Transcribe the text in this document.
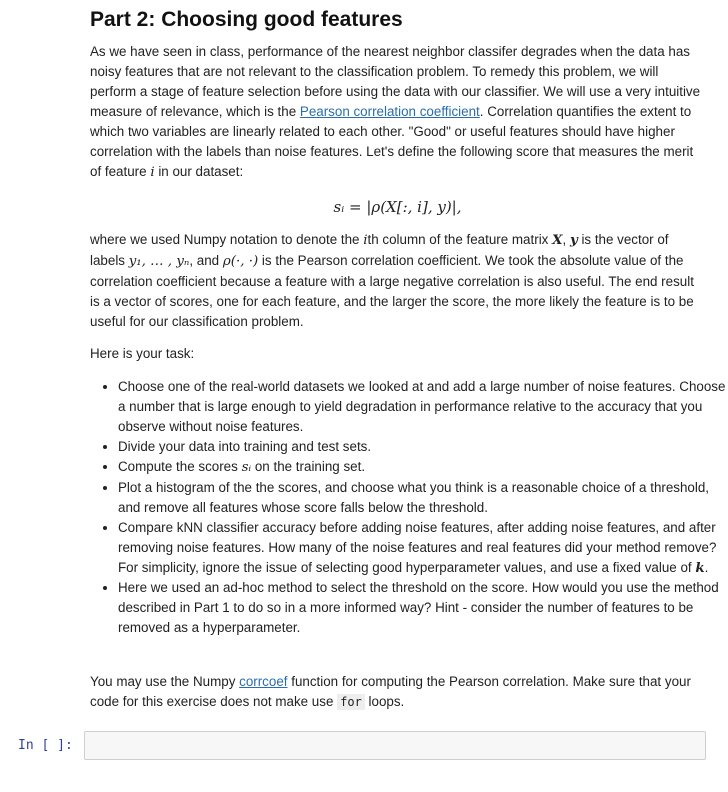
Part 2: Choosing good features

As we have seen in class, performance of the nearest neighbor classifer degrades when the data has noisy features that are not relevant to the classification problem. To remedy this problem, we will perform a stage of feature selection before using the data with our classifier. We will use a very intuitive measure of relevance, which is the Pearson correlation coefficient. Correlation quantifies the extent to which two variables are linearly related to each other. "Good" or useful features should have higher correlation with the labels than noise features. Let's define the following score that measures the merit of feature i in our dataset:

sᵢ = |ρ(X[:, i], y)|,

where we used Numpy notation to denote the ith column of the feature matrix X, y is the vector of labels y₁, … , yₙ, and ρ(·, ·) is the Pearson correlation coefficient. We took the absolute value of the correlation coefficient because a feature with a large negative correlation is also useful. The end result is a vector of scores, one for each feature, and the larger the score, the more likely the feature is to be useful for our classification problem.

Here is your task:

• Choose one of the real-world datasets we looked at and add a large number of noise features. Choose a number that is large enough to yield degradation in performance relative to the accuracy that you observe without noise features.
• Divide your data into training and test sets.
• Compute the scores sᵢ on the training set.
• Plot a histogram of the the scores, and choose what you think is a reasonable choice of a threshold, and remove all features whose score falls below the threshold.
• Compare kNN classifier accuracy before adding noise features, after adding noise features, and after removing noise features. How many of the noise features and real features did your method remove? For simplicity, ignore the issue of selecting good hyperparameter values, and use a fixed value of k.
• Here we used an ad-hoc method to select the threshold on the score. How would you use the method described in Part 1 to do so in a more informed way? Hint - consider the number of features to be removed as a hyperparameter.

You may use the Numpy corrcoef function for computing the Pearson correlation. Make sure that your code for this exercise does not make use for loops.

In [ ]:
